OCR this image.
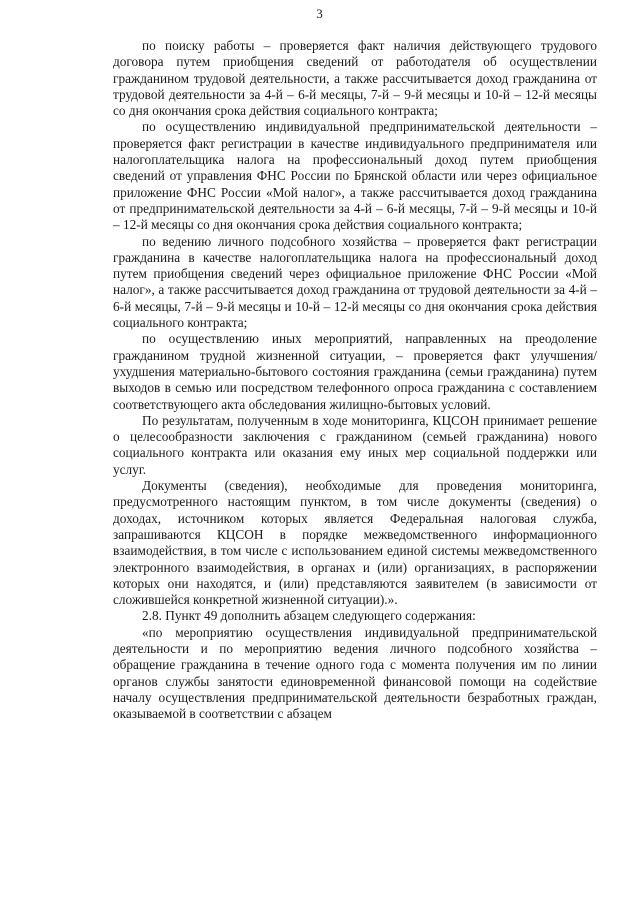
3

по поиску работы – проверяется факт наличия действующего трудового договора путем приобщения сведений от работодателя об осуществлении гражданином трудовой деятельности, а также рассчитывается доход гражданина от трудовой деятельности за 4-й – 6-й месяцы, 7-й – 9-й месяцы и 10-й – 12-й месяцы со дня окончания срока действия социального контракта;

по осуществлению индивидуальной предпринимательской деятельности – проверяется факт регистрации в качестве индивидуального предпринимателя или налогоплательщика налога на профессиональный доход путем приобщения сведений от управления ФНС России по Брянской области или через официальное приложение ФНС России «Мой налог», а также рассчитывается доход гражданина от предпринимательской деятельности за 4-й – 6-й месяцы, 7-й – 9-й месяцы и 10-й – 12-й месяцы со дня окончания срока действия социального контракта;

по ведению личного подсобного хозяйства – проверяется факт регистрации гражданина в качестве налогоплательщика налога на профессиональный доход путем приобщения сведений через официальное приложение ФНС России «Мой налог», а также рассчитывается доход гражданина от трудовой деятельности за 4-й – 6-й месяцы, 7-й – 9-й месяцы и 10-й – 12-й месяцы со дня окончания срока действия социального контракта;

по осуществлению иных мероприятий, направленных на преодоление гражданином трудной жизненной ситуации, – проверяется факт улучшения/ ухудшения материально-бытового состояния гражданина (семьи гражданина) путем выходов в семью или посредством телефонного опроса гражданина с составлением соответствующего акта обследования жилищно-бытовых условий.

По результатам, полученным в ходе мониторинга, КЦСОН принимает решение о целесообразности заключения с гражданином (семьей гражданина) нового социального контракта или оказания ему иных мер социальной поддержки или услуг.

Документы (сведения), необходимые для проведения мониторинга, предусмотренного настоящим пунктом, в том числе документы (сведения) о доходах, источником которых является Федеральная налоговая служба, запрашиваются КЦСОН в порядке межведомственного информационного взаимодействия, в том числе с использованием единой системы межведомственного электронного взаимодействия, в органах и (или) организациях, в распоряжении которых они находятся, и (или) представляются заявителем (в зависимости от сложившейся конкретной жизненной ситуации).».

2.8. Пункт 49 дополнить абзацем следующего содержания:

«по мероприятию осуществления индивидуальной предпринимательской деятельности и по мероприятию ведения личного подсобного хозяйства – обращение гражданина в течение одного года с момента получения им по линии органов службы занятости единовременной финансовой помощи на содействие началу осуществления предпринимательской деятельности безработных граждан, оказываемой в соответствии с абзацем
